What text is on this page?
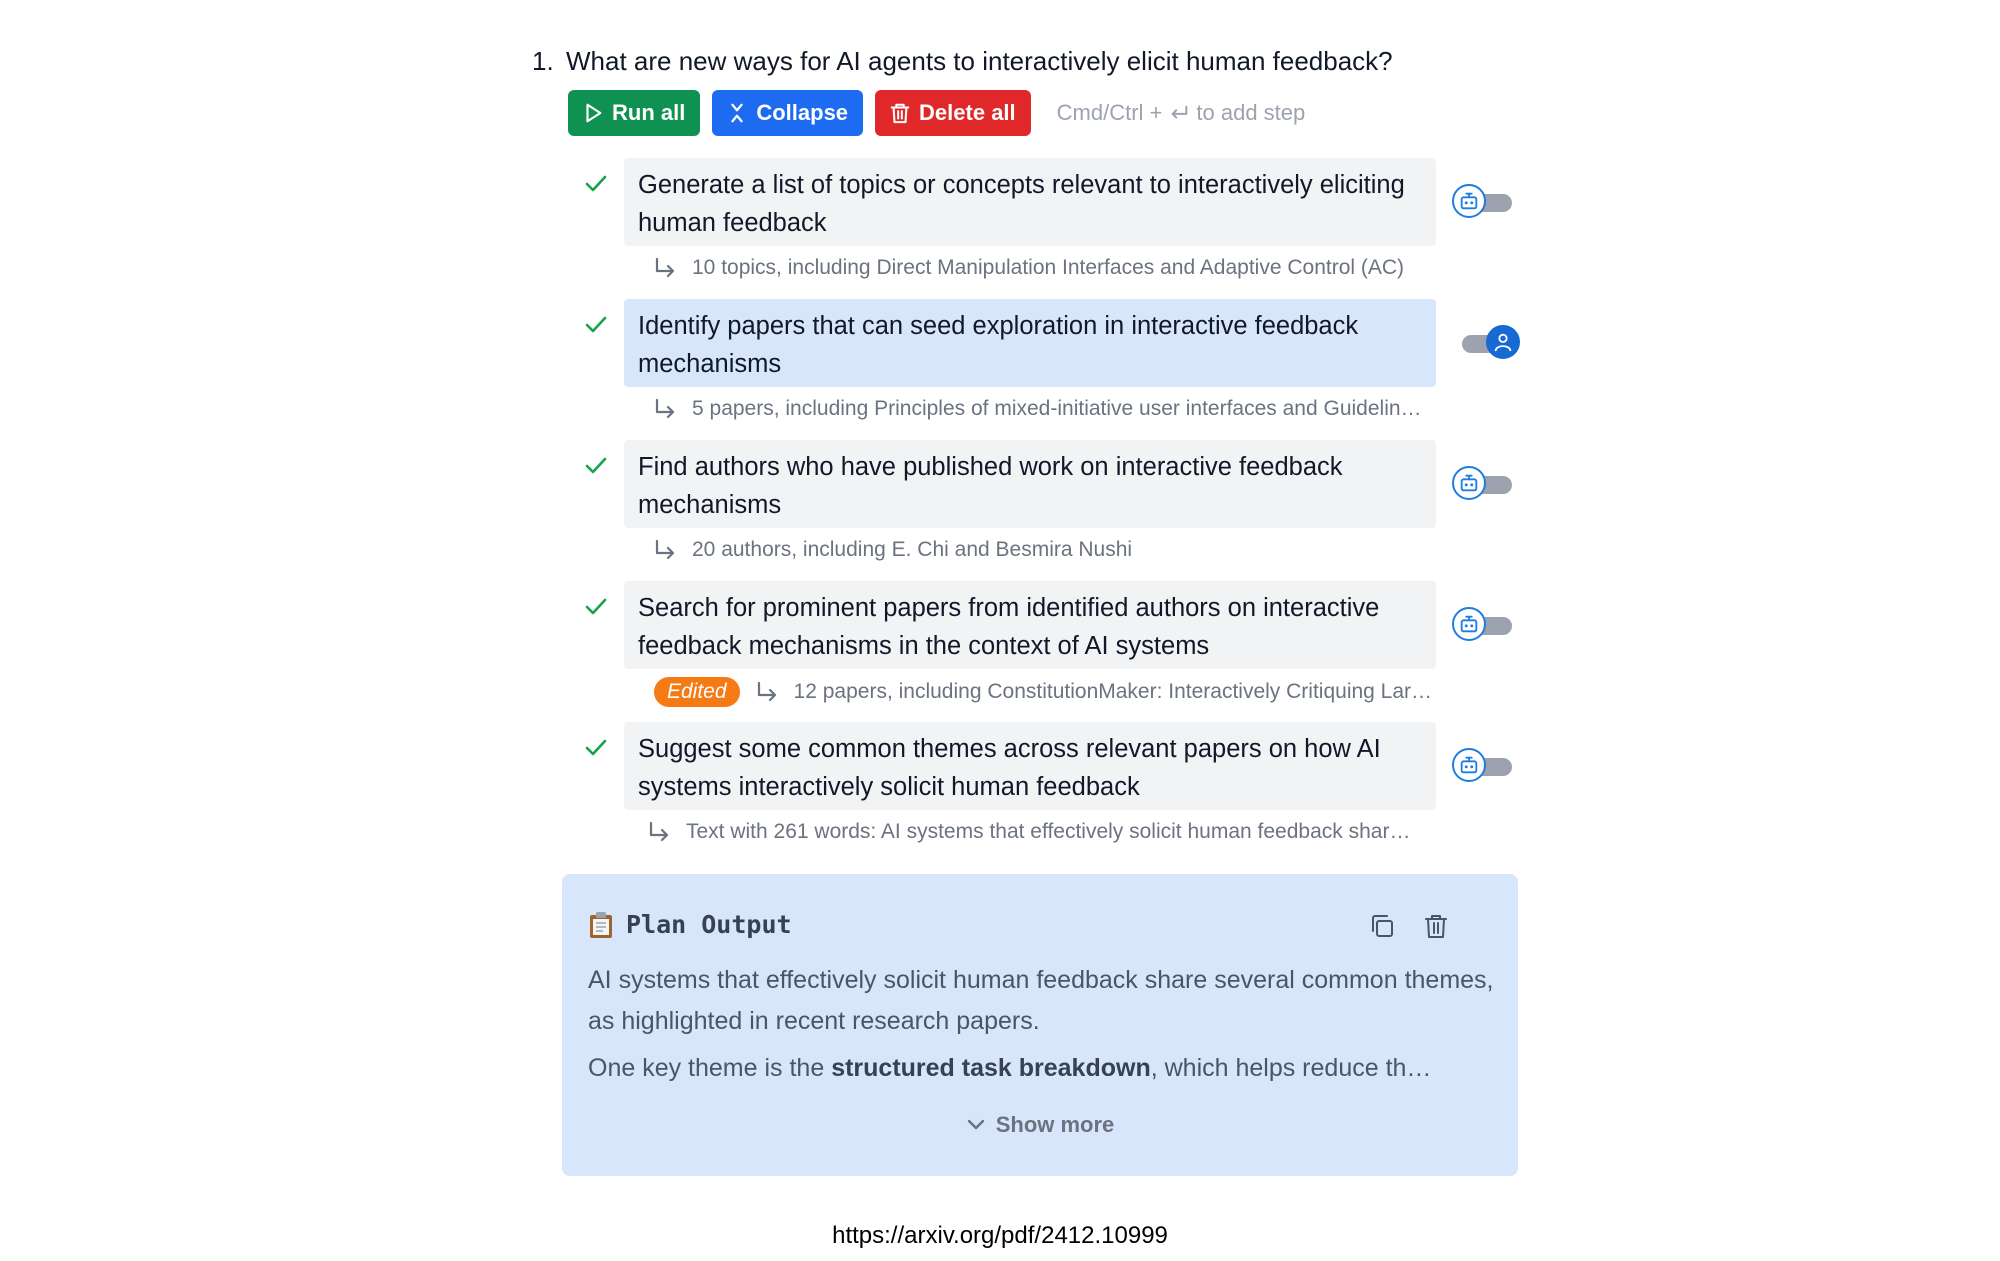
1. What are new ways for AI agents to interactively elicit human feedback?
Run all	Collapse	Delete all Cmd/Ctrl + to add step
Generate a list of topics or concepts relevant to interactively eliciting human feedback
10 topics, including Direct Manipulation Interfaces and Adaptive Control (AC)
Identify papers that can seed exploration in interactive feedback mechanisms
5 papers, including Principles of mixed-initiative user interfaces and Guidelin…
Find authors who have published work on interactive feedback mechanisms
20 authors, including E. Chi and Besmira Nushi
Search for prominent papers from identified authors on interactive feedback mechanisms in the context of AI systems
Edited	12 papers, including ConstitutionMaker: Interactively Critiquing Lar…
Suggest some common themes across relevant papers on how AI systems interactively solicit human feedback
Text with 261 words: AI systems that effectively solicit human feedback shar…
Plan Output

AI systems that effectively solicit human feedback share several common themes, as highlighted in recent research papers.

One key theme is the structured task breakdown, which helps reduce th…

Show more
https://arxiv.org/pdf/2412.10999
